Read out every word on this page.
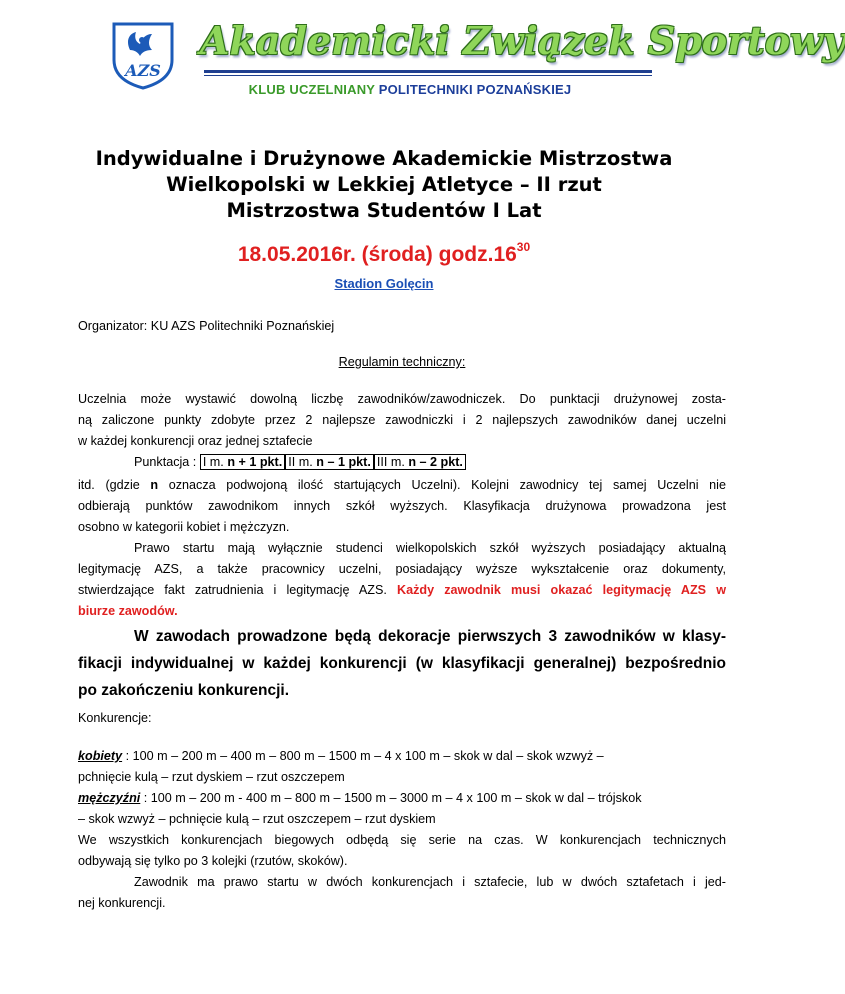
AZS
Akademicki Związek Sportowy
KLUB UCZELNIANY POLITECHNIKI POZNAŃSKIEJ
Indywidualne i Drużynowe Akademickie Mistrzostwa
Wielkopolski w Lekkiej Atletyce – II rzut
Mistrzostwa Studentów I Lat
18.05.2016r. (środa) $godz.16^{30}$
Stadion Golęcin
Organizator: KU AZS Politechniki Poznańskiej
Regulamin techniczny:
Uczelnia może wystawić dowolną liczbę zawodników/zawodniczek. Do punktacji drużynowej zosta-
ną zaliczone punkty zdobyte przez 2 najlepsze zawodniczki i 2 najlepszych zawodników danej uczelni
w każdej konkurencji oraz jednej sztafecie
Punktacja : I m. n + 1 pkt. II m. n – 1 pkt. III m. n – 2 pkt.
itd. (gdzie n oznacza podwojoną ilość startujących Uczelni). Kolejni zawodnicy tej samej Uczelni nie
odbierają punktów zawodnikom innych szkół wyższych. Klasyfikacja drużynowa prowadzona jest
osobno w kategorii kobiet i mężczyzn.
Prawo startu mają wyłącznie studenci wielkopolskich szkół wyższych posiadający aktualną
legitymację AZS, a także pracownicy uczelni, posiadający wyższe wykształcenie oraz dokumenty,
stwierdzające fakt zatrudnienia i legitymację AZS. Każdy zawodnik musi okazać legitymację AZS w
biurze zawodów.
W zawodach prowadzone będą dekoracje pierwszych 3 zawodników w klasy-
fikacji indywidualnej w każdej konkurencji (w klasyfikacji generalnej) bezpośrednio
po zakończeniu konkurencji.
Konkurencje:
kobiety : 100 m – 200 m – 400 m – 800 m – 1500 m – 4 x 100 m – skok w dal – skok wzwyż –
pchnięcie kulą – rzut dyskiem – rzut oszczepem
mężczyźni : 100 m – 200 m - 400 m – 800 m – 1500 m – 3000 m – 4 x 100 m – skok w dal – trójskok
– skok wzwyż – pchnięcie kulą – rzut oszczepem – rzut dyskiem
We wszystkich konkurencjach biegowych odbędą się serie na czas. W konkurencjach technicznych
odbywają się tylko po 3 kolejki (rzutów, skoków).
Zawodnik ma prawo startu w dwóch konkurencjach i sztafecie, lub w dwóch sztafetach i jed-
nej konkurencji.
